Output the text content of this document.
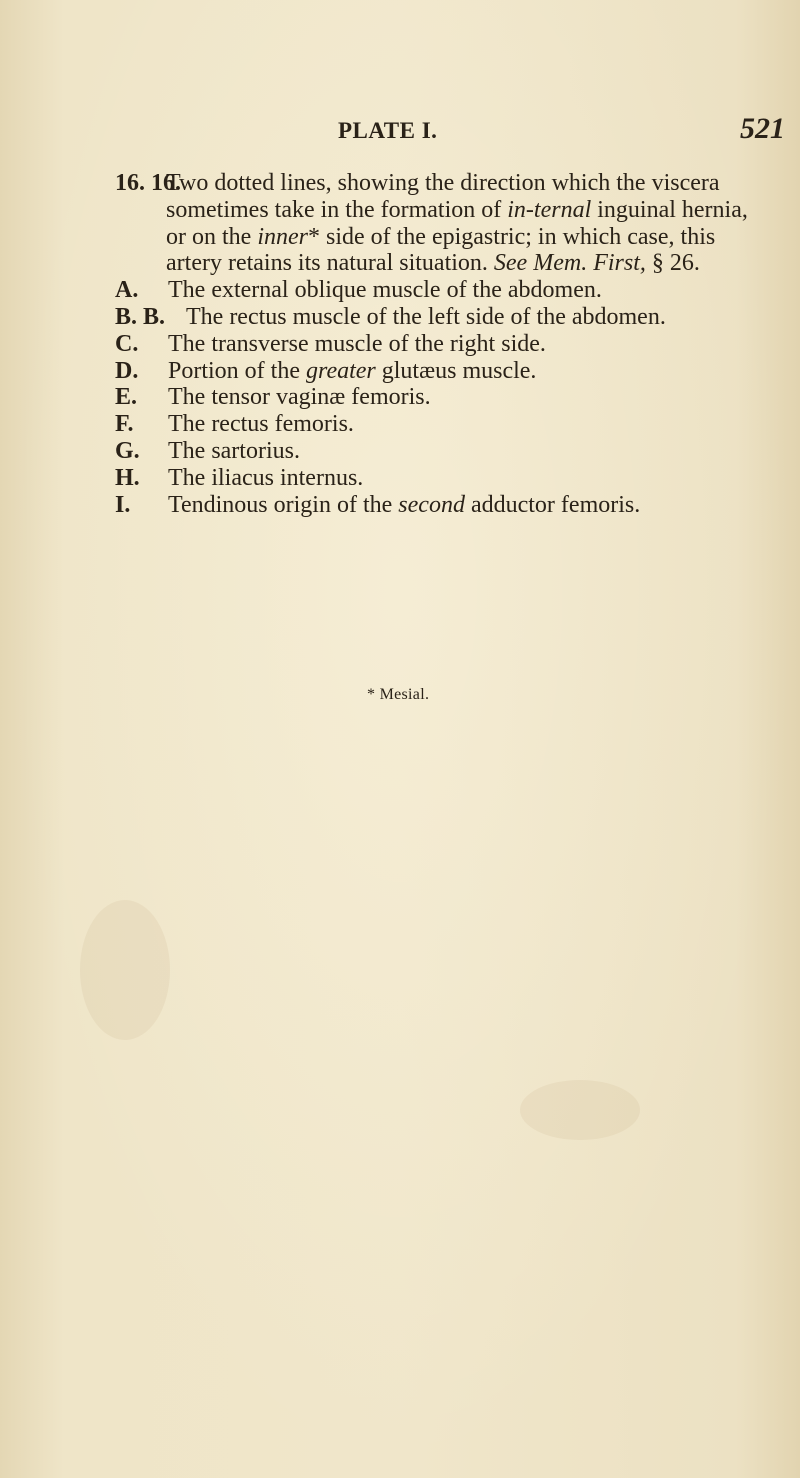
PLATE I.	521

16. 16.
Two dotted lines, showing the direction which the viscera sometimes take in the formation of in-ternal inguinal hernia, or on the inner* side of the epigastric; in which case, this artery retains its natural situation. See Mem. First, § 26.

A. The external oblique muscle of the abdomen.

B. B. The rectus muscle of the left side of the abdomen.

C. The transverse muscle of the right side.

D. Portion of the greater glutæus muscle.

E. The tensor vaginæ femoris.

F. The rectus femoris.

G. The sartorius.

H. The iliacus internus.

I. Tendinous origin of the second adductor femoris.

* Mesial.
